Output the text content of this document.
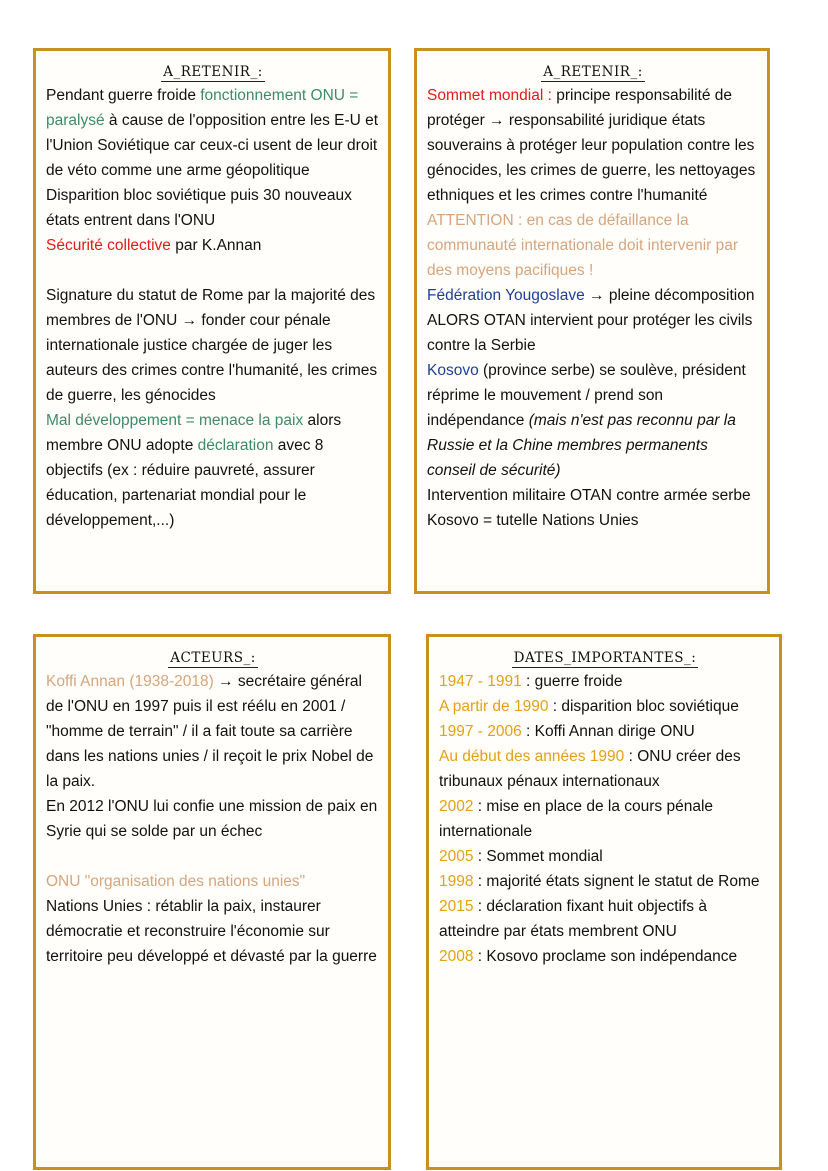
A_RETENIR_:

Pendant guerre froide fonctionnement ONU = paralysé à cause de l'opposition entre les E-U et l'Union Soviétique car ceux-ci usent de leur droit de véto comme une arme géopolitique

Disparition bloc soviétique puis 30 nouveaux états entrent dans l'ONU

Sécurité collective par K.Annan

Signature du statut de Rome par la majorité des membres de l'ONU → fonder cour pénale internationale justice chargée de juger les auteurs des crimes contre l'humanité, les crimes de guerre, les génocides

Mal développement = menace la paix alors membre ONU adopte déclaration avec 8 objectifs (ex : réduire pauvreté, assurer éducation, partenariat mondial pour le développement,...)

A_RETENIR_:

Sommet mondial : principe responsabilité de protéger → responsabilité juridique états souverains à protéger leur population contre les génocides, les crimes de guerre, les nettoyages ethniques et les crimes contre l'humanité ATTENTION : en cas de défaillance la communauté internationale doit intervenir par des moyens pacifiques !

Fédération Yougoslave → pleine décomposition ALORS OTAN intervient pour protéger les civils contre la Serbie

Kosovo (province serbe) se soulève, président réprime le mouvement / prend son indépendance (mais n'est pas reconnu par la Russie et la Chine membres permanents conseil de sécurité)

Intervention militaire OTAN contre armée serbe Kosovo = tutelle Nations Unies

ACTEURS_:

Koffi Annan (1938-2018) → secrétaire général de l'ONU en 1997 puis il est réélu en 2001 / "homme de terrain" / il a fait toute sa carrière dans les nations unies / il reçoit le prix Nobel de la paix.

En 2012 l'ONU lui confie une mission de paix en Syrie qui se solde par un échec

ONU "organisation des nations unies"

Nations Unies : rétablir la paix, instaurer démocratie et reconstruire l'économie sur territoire peu développé et dévasté par la guerre

DATES_IMPORTANTES_:

1947 - 1991 : guerre froide

A partir de 1990 : disparition bloc soviétique

1997 - 2006 : Koffi Annan dirige ONU

Au début des années 1990 : ONU créer des tribunaux pénaux internationaux

2002 : mise en place de la cours pénale internationale

2005 : Sommet mondial

1998 : majorité états signent le statut de Rome

2015 : déclaration fixant huit objectifs à atteindre par états membrent ONU

2008 : Kosovo proclame son indépendance
